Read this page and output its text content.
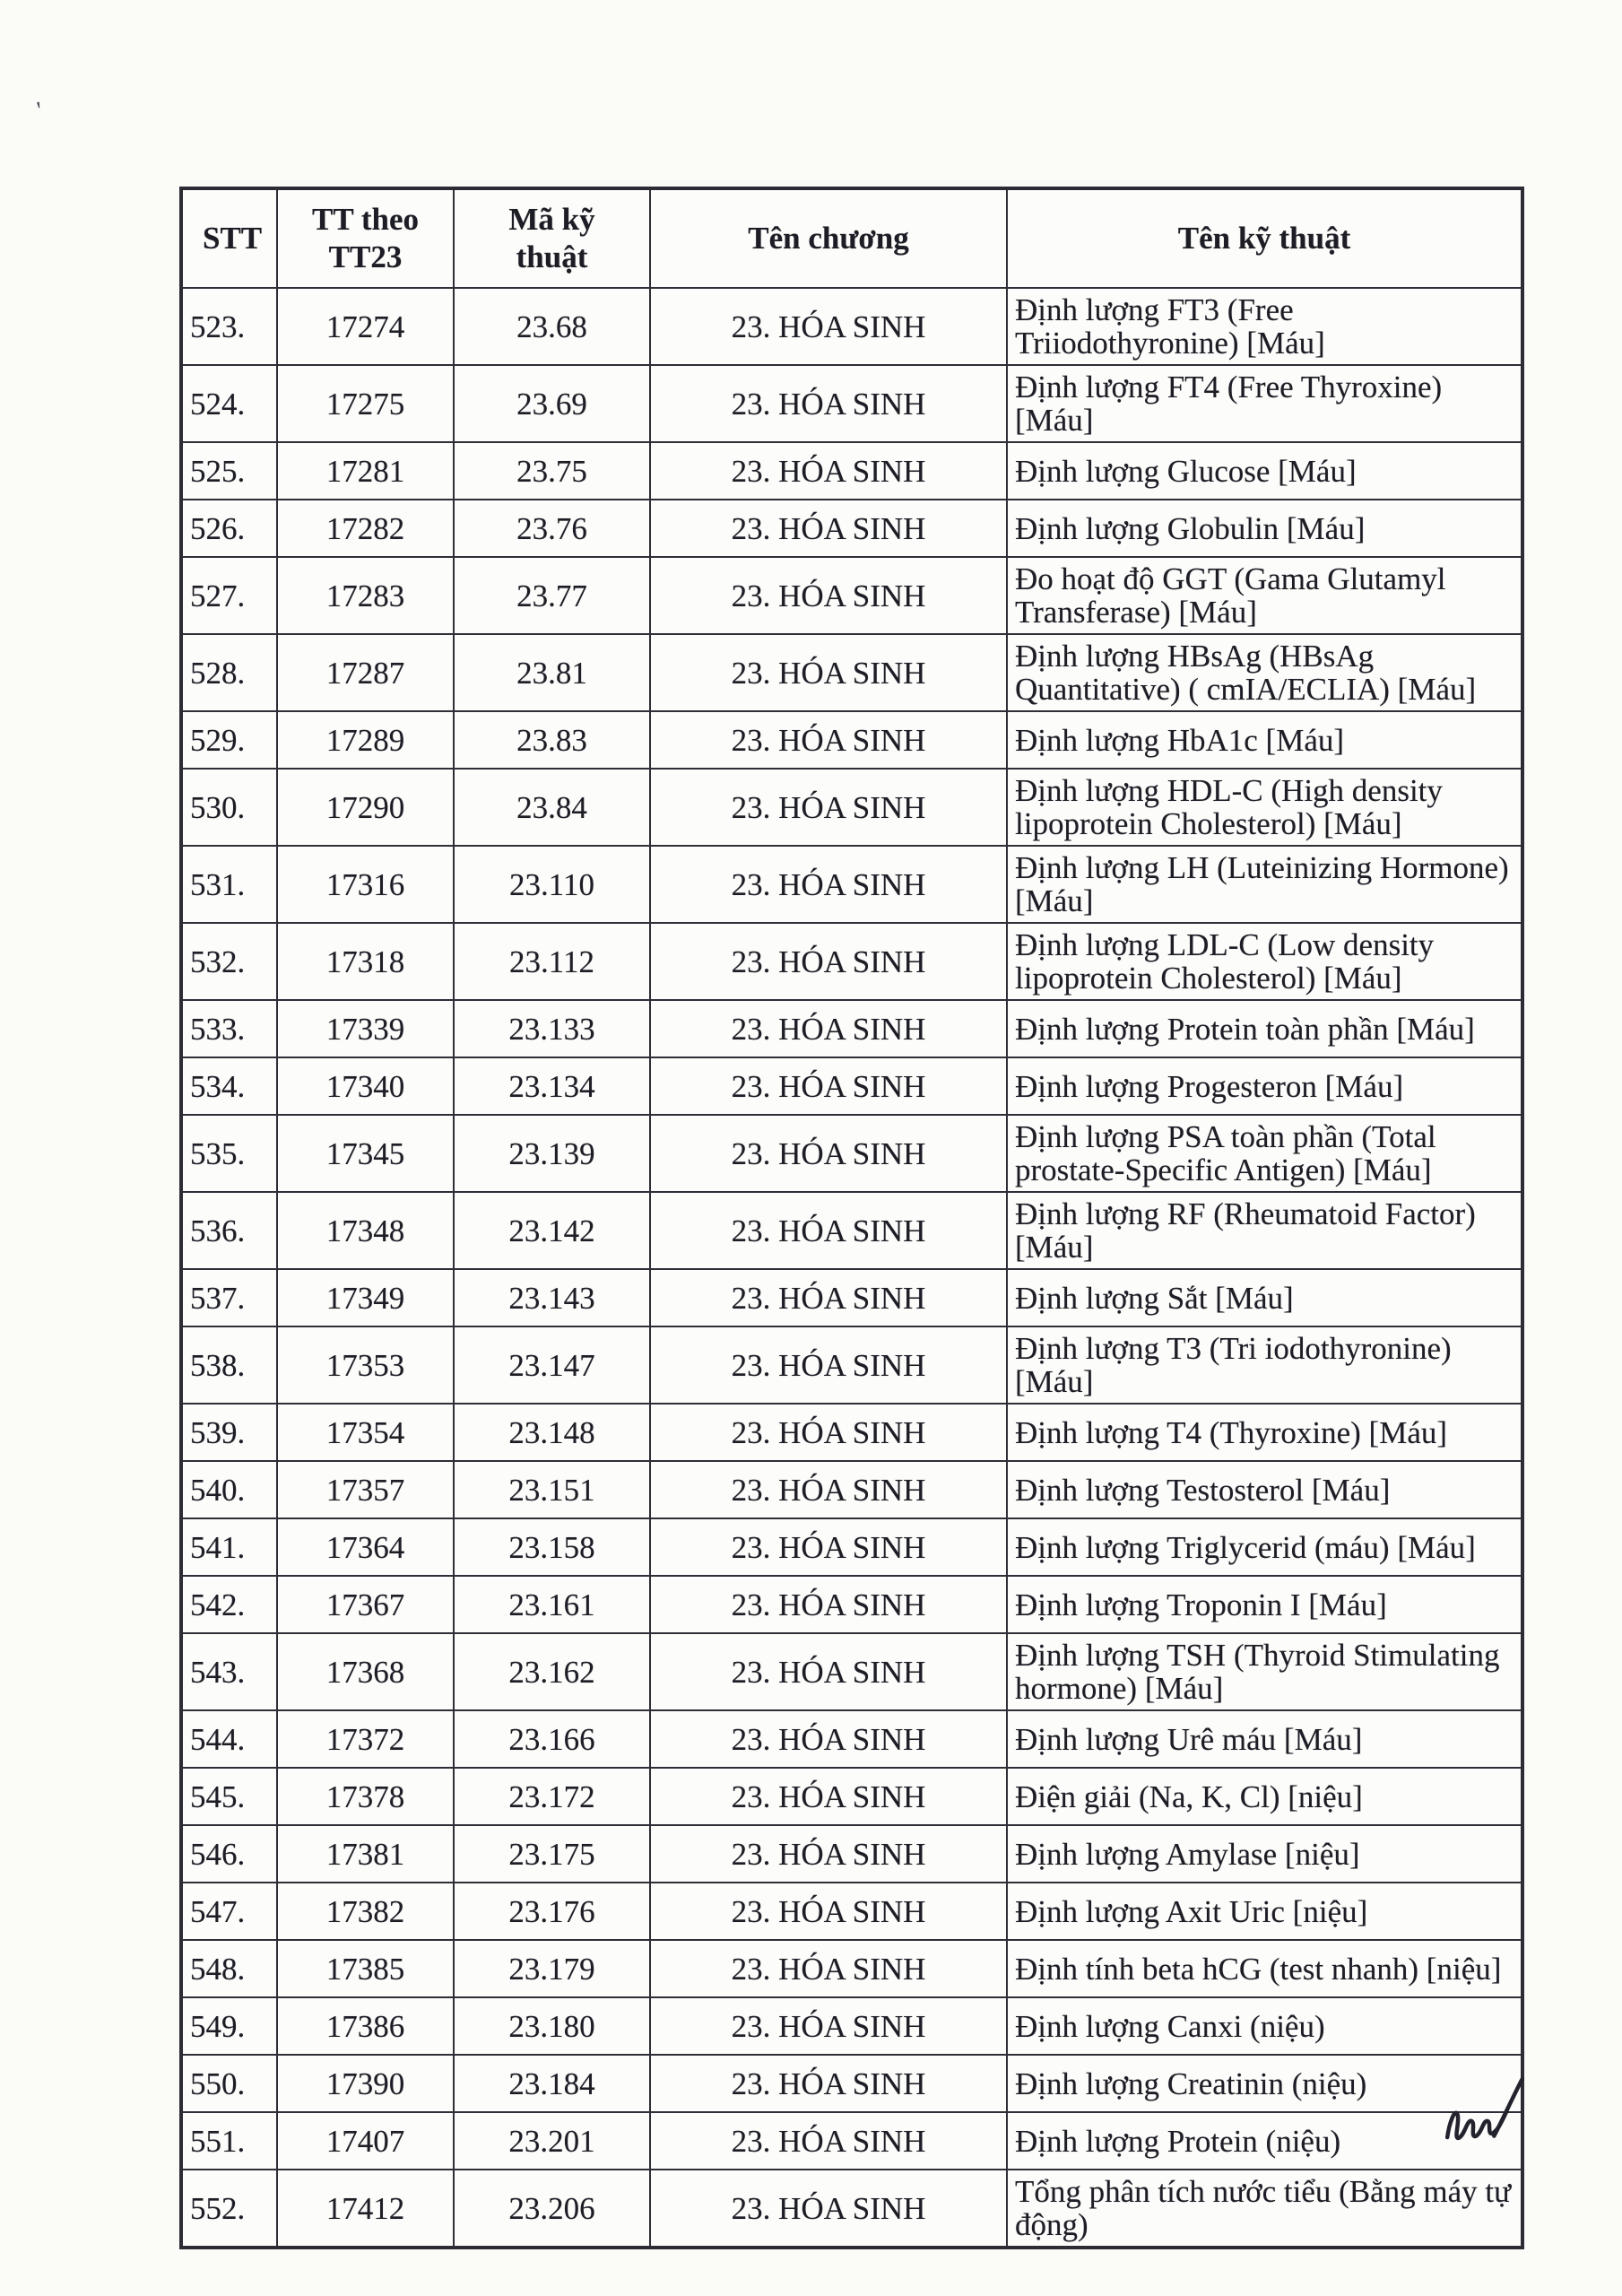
'
STT	TT theo TT23	Mã kỹ thuật	Tên chương	Tên kỹ thuật
523.	17274	23.68	23. HÓA SINH	Định lượng FT3 (Free Triiodothyronine) [Máu]
524.	17275	23.69	23. HÓA SINH	Định lượng FT4 (Free Thyroxine) [Máu]
525.	17281	23.75	23. HÓA SINH	Định lượng Glucose [Máu]
526.	17282	23.76	23. HÓA SINH	Định lượng Globulin [Máu]
527.	17283	23.77	23. HÓA SINH	Đo hoạt độ GGT (Gama Glutamyl Transferase) [Máu]
528.	17287	23.81	23. HÓA SINH	Định lượng HBsAg (HBsAg Quantitative) ( cmIA/ECLIA) [Máu]
529.	17289	23.83	23. HÓA SINH	Định lượng HbA1c [Máu]
530.	17290	23.84	23. HÓA SINH	Định lượng HDL-C (High density lipoprotein Cholesterol) [Máu]
531.	17316	23.110	23. HÓA SINH	Định lượng LH (Luteinizing Hormone) [Máu]
532.	17318	23.112	23. HÓA SINH	Định lượng LDL-C (Low density lipoprotein Cholesterol) [Máu]
533.	17339	23.133	23. HÓA SINH	Định lượng Protein toàn phần [Máu]
534.	17340	23.134	23. HÓA SINH	Định lượng Progesteron [Máu]
535.	17345	23.139	23. HÓA SINH	Định lượng PSA toàn phần (Total prostate-Specific Antigen) [Máu]
536.	17348	23.142	23. HÓA SINH	Định lượng RF (Rheumatoid Factor) [Máu]
537.	17349	23.143	23. HÓA SINH	Định lượng Sắt [Máu]
538.	17353	23.147	23. HÓA SINH	Định lượng T3 (Tri iodothyronine) [Máu]
539.	17354	23.148	23. HÓA SINH	Định lượng T4 (Thyroxine) [Máu]
540.	17357	23.151	23. HÓA SINH	Định lượng Testosterol [Máu]
541.	17364	23.158	23. HÓA SINH	Định lượng Triglycerid (máu) [Máu]
542.	17367	23.161	23. HÓA SINH	Định lượng Troponin I [Máu]
543.	17368	23.162	23. HÓA SINH	Định lượng TSH (Thyroid Stimulating hormone) [Máu]
544.	17372	23.166	23. HÓA SINH	Định lượng Urê máu [Máu]
545.	17378	23.172	23. HÓA SINH	Điện giải (Na, K, Cl) [niệu]
546.	17381	23.175	23. HÓA SINH	Định lượng Amylase [niệu]
547.	17382	23.176	23. HÓA SINH	Định lượng Axit Uric [niệu]
548.	17385	23.179	23. HÓA SINH	Định tính beta hCG (test nhanh) [niệu]
549.	17386	23.180	23. HÓA SINH	Định lượng Canxi (niệu)
550.	17390	23.184	23. HÓA SINH	Định lượng Creatinin (niệu)
551.	17407	23.201	23. HÓA SINH	Định lượng Protein (niệu)
552.	17412	23.206	23. HÓA SINH	Tổng phân tích nước tiểu (Bằng máy tự động)
